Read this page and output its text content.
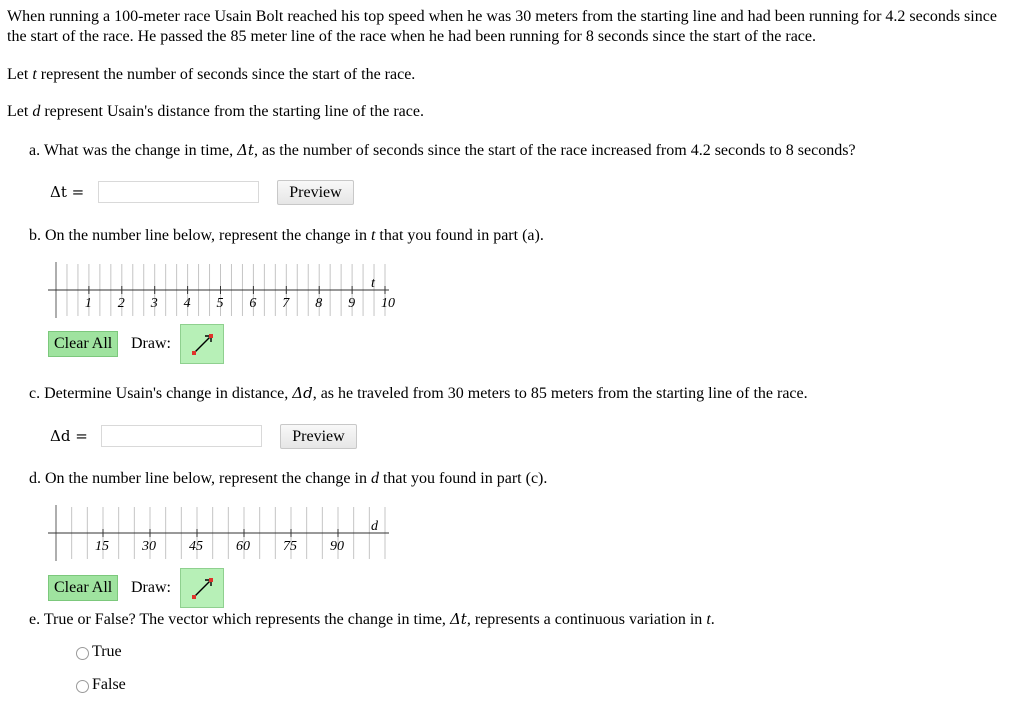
When running a 100-meter race Usain Bolt reached his top speed when he was 30 meters from the starting line and had been running for 4.2 seconds since the start of the race. He passed the 85 meter line of the race when he had been running for 8 seconds since the start of the race.
Let t represent the number of seconds since the start of the race.
Let d represent Usain's distance from the starting line of the race.
a. What was the change in time, Δt, as the number of seconds since the start of the race increased from 4.2 seconds to 8 seconds?
Δt =	Preview
b. On the number line below, represent the change in t that you found in part (a).
t
1 2 3 4 5 6 7 8 9 10
Clear All	Draw:
c. Determine Usain's change in distance, Δd, as he traveled from 30 meters to 85 meters from the starting line of the race.
Δd =	Preview
d. On the number line below, represent the change in d that you found in part (c).
d
15 30 45 60 75 90
Clear All	Draw:
e. True or False? The vector which represents the change in time, Δt, represents a continuous variation in t.
True
False
